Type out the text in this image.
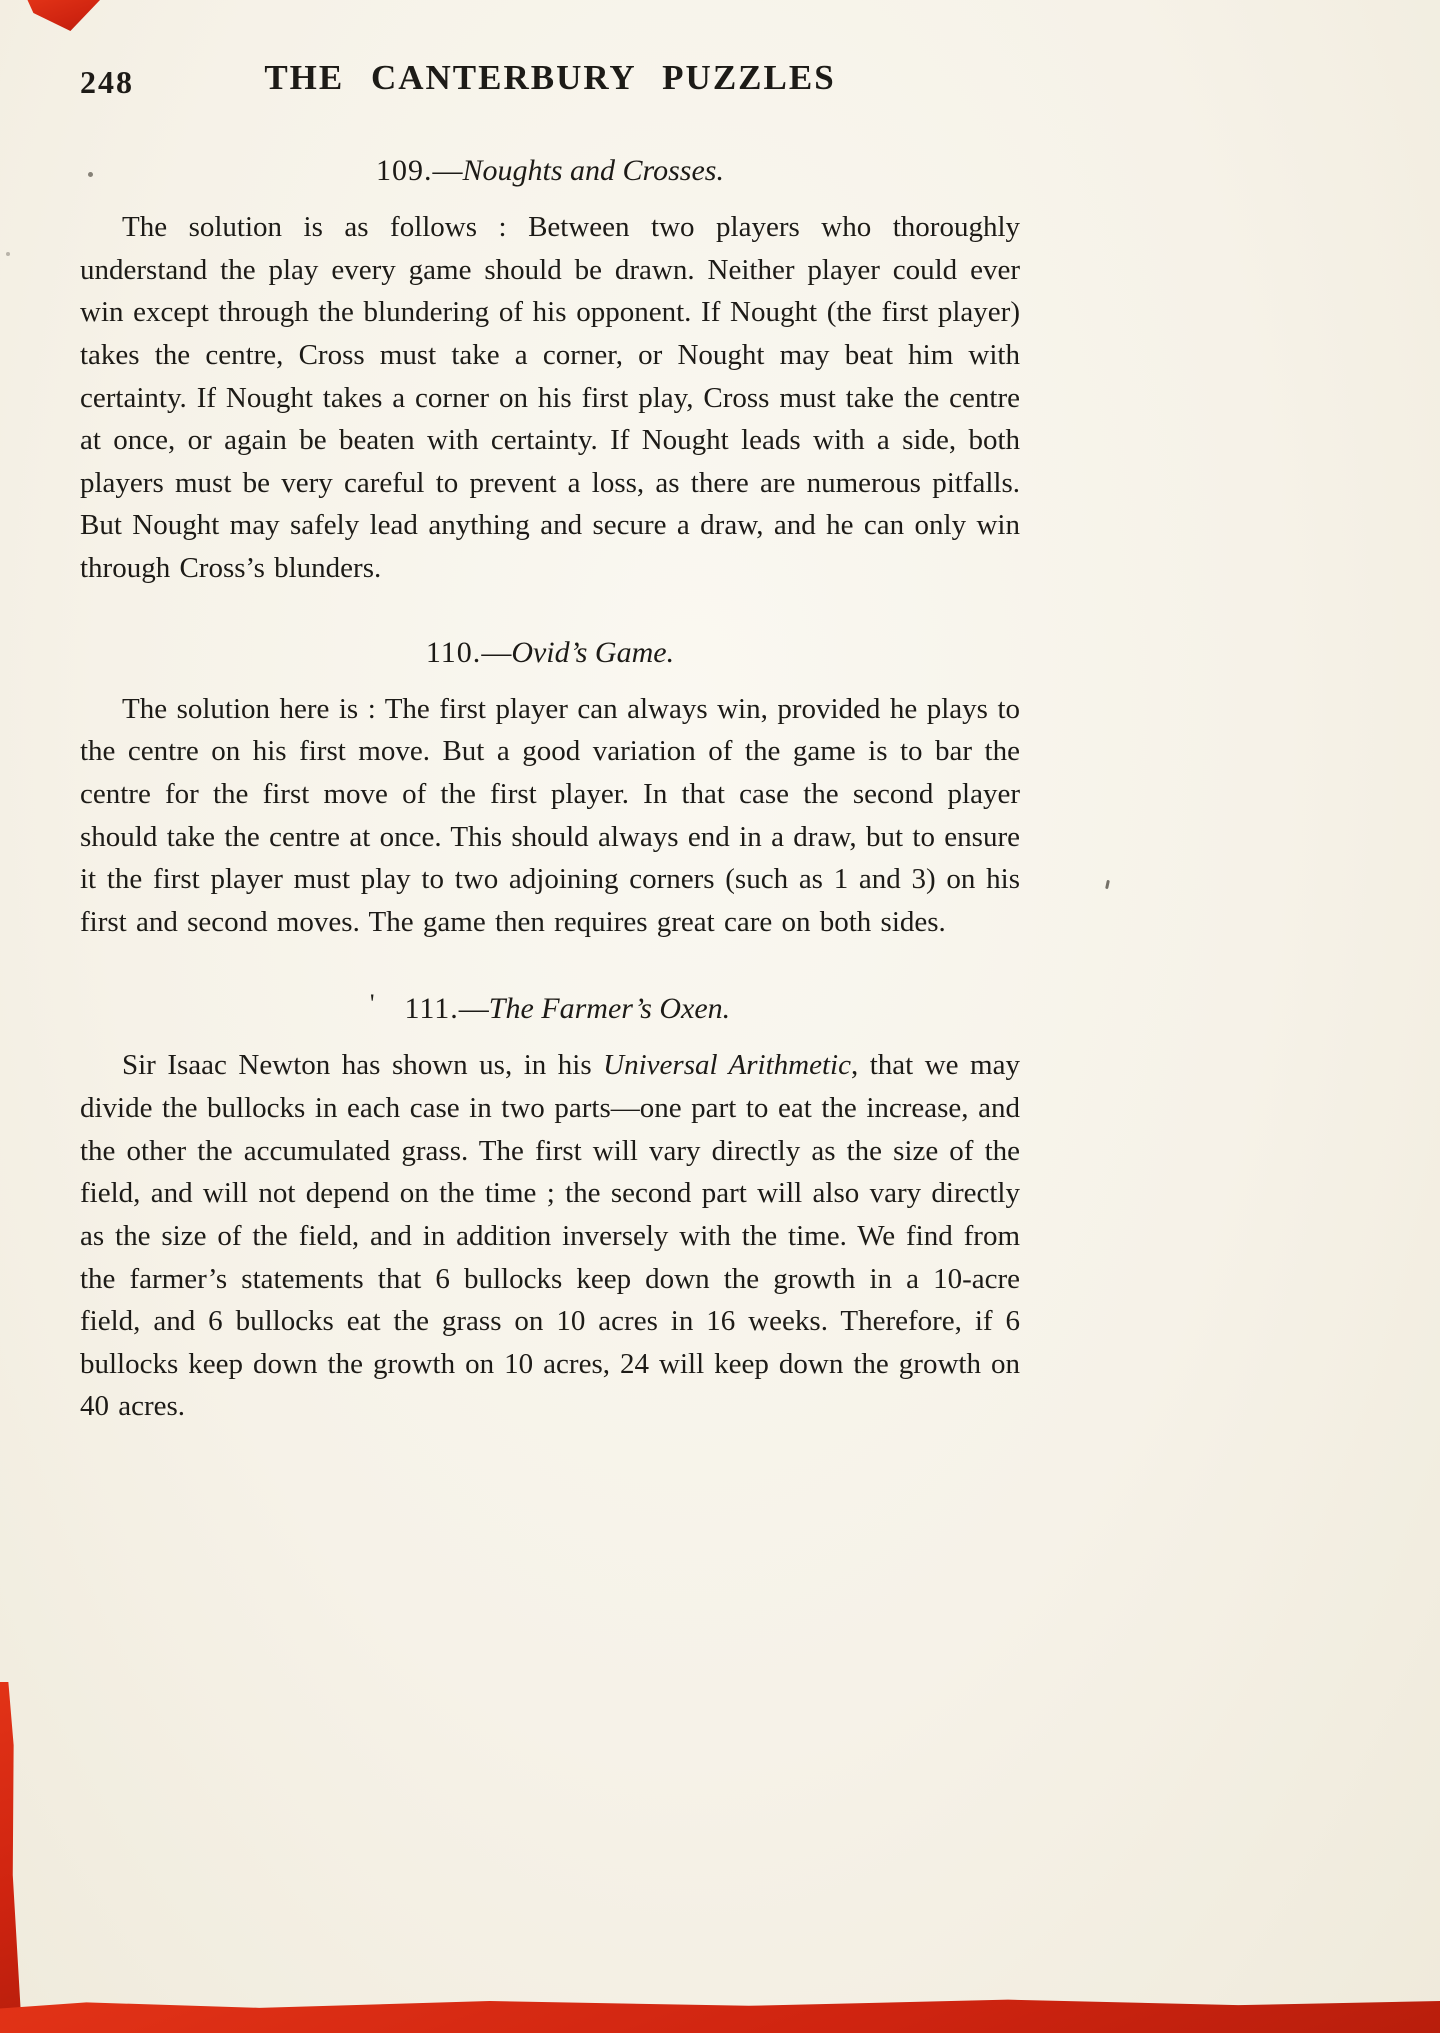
248	THE CANTERBURY PUZZLES
109.—Noughts and Crosses.

The solution is as follows : Between two players who thoroughly understand the play every game should be drawn. Neither player could ever win except through the blundering of his opponent. If Nought (the first player) takes the centre, Cross must take a corner, or Nought may beat him with certainty. If Nought takes a corner on his first play, Cross must take the centre at once, or again be beaten with certainty. If Nought leads with a side, both players must be very careful to prevent a loss, as there are numerous pitfalls. But Nought may safely lead anything and secure a draw, and he can only win through Cross’s blunders.

110.—Ovid’s Game.

The solution here is : The first player can always win, provided he plays to the centre on his first move. But a good variation of the game is to bar the centre for the first move of the first player. In that case the second player should take the centre at once. This should always end in a draw, but to ensure it the first player must play to two adjoining corners (such as 1 and 3) on his first and second moves. The game then requires great care on both sides.

' 111.—The Farmer’s Oxen.

Sir Isaac Newton has shown us, in his Universal Arithmetic, that we may divide the bullocks in each case in two parts—one part to eat the increase, and the other the accumulated grass. The first will vary directly as the size of the field, and will not depend on the time ; the second part will also vary directly as the size of the field, and in addition inversely with the time. We find from the farmer’s statements that 6 bullocks keep down the growth in a 10-acre field, and 6 bullocks eat the grass on 10 acres in 16 weeks. Therefore, if 6 bullocks keep down the growth on 10 acres, 24 will keep down the growth on 40 acres.
